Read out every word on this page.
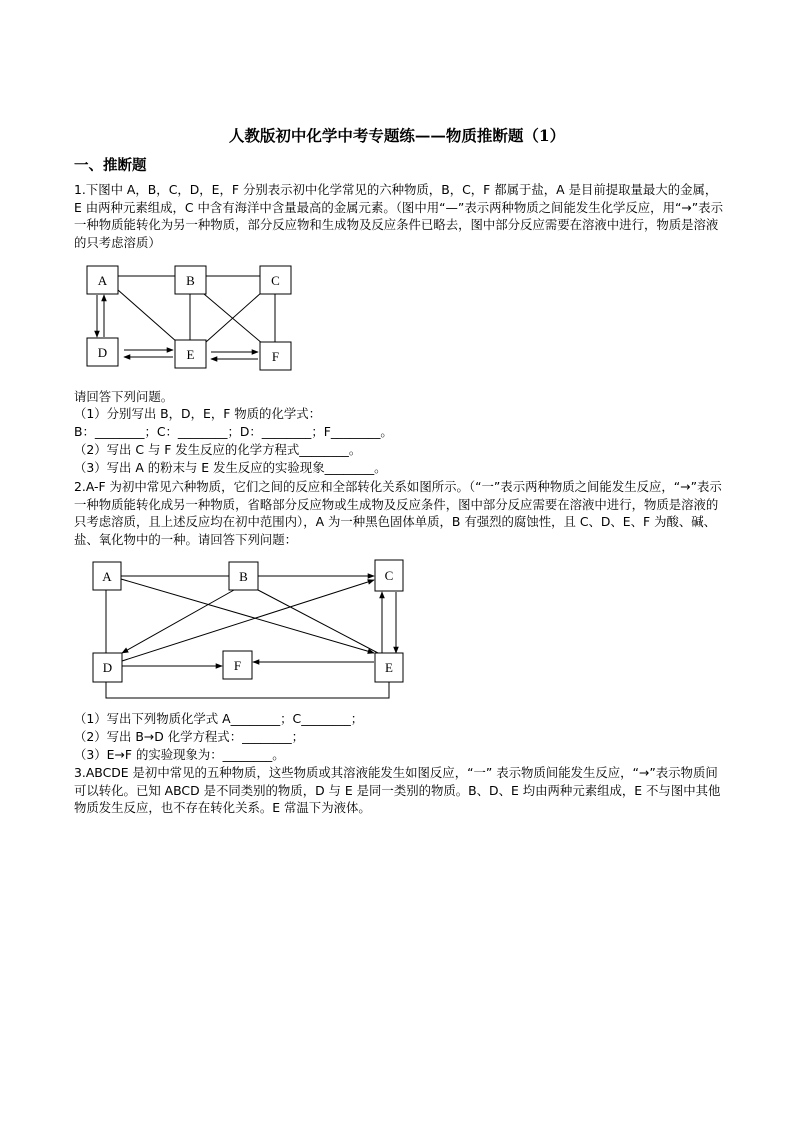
人教版初中化学中考专题练——物质推断题（1）
一、推断题

1.下图中 A，B，C，D，E，F 分别表示初中化学常见的六种物质，B，C，F 都属于盐，A 是目前提取量最大的金属，E 由两种元素组成，C 中含有海洋中含量最高的金属元素。（图中用“—”表示两种物质之间能发生化学反应，用“→”表示一种物质能转化为另一种物质，部分反应物和生成物及反应条件已略去，图中部分反应需要在溶液中进行，物质是溶液的只考虑溶质）

A	B	C
D	E	F

请回答下列问题。

（1）分别写出 B，D，E，F 物质的化学式：

B：________；C：________；D：________；F________。

（2）写出 C 与 F 发生反应的化学方程式________。

（3）写出 A 的粉末与 E 发生反应的实验现象________。

2.A-F 为初中常见六种物质，它们之间的反应和全部转化关系如图所示。（“一”表示两种物质之间能发生反应，“→”表示一种物质能转化成另一种物质，省略部分反应物或生成物及反应条件，图中部分反应需要在溶液中进行，物质是溶液的只考虑溶质，且上述反应均在初中范围内），A 为一种黑色固体单质，B 有强烈的腐蚀性，且 C、D、E、F 为酸、碱、盐、氧化物中的一种。请回答下列问题：

A	B	C
D	F	E

（1）写出下列物质化学式 A________；C________；

（2）写出 B→D 化学方程式：________；

（3）E→F 的实验现象为：________。

3.ABCDE 是初中常见的五种物质，这些物质或其溶液能发生如图反应，“一” 表示物质间能发生反应，“→”表示物质间可以转化。已知 ABCD 是不同类别的物质，D 与 E 是同一类别的物质。B、D、E 均由两种元素组成，E 不与图中其他物质发生反应，也不存在转化关系。E 常温下为液体。
